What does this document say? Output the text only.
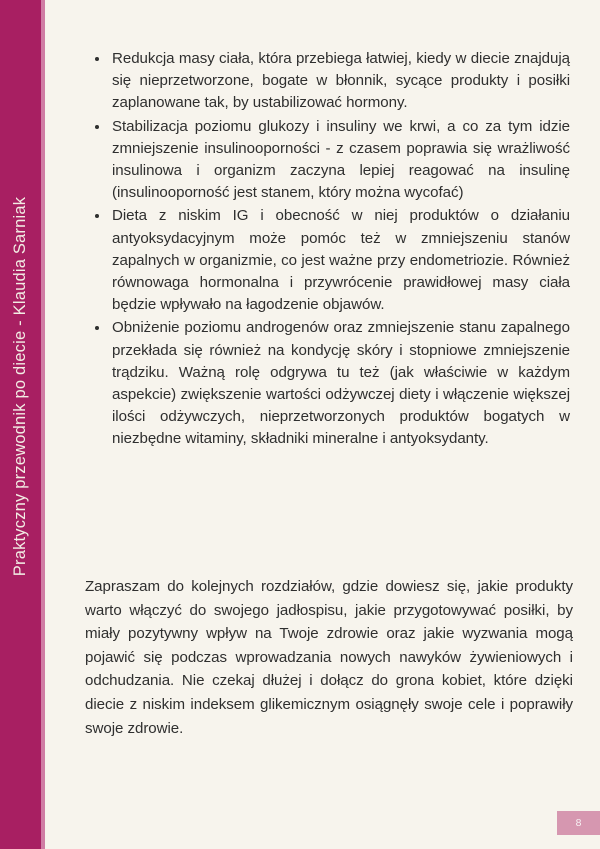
Praktyczny przewodnik po diecie - Klaudia Sarniak
Redukcja masy ciała, która przebiega łatwiej, kiedy w diecie znajdują się nieprzetworzone, bogate w błonnik, sycące produkty i posiłki zaplanowane tak, by ustabilizować hormony.
Stabilizacja poziomu glukozy i insuliny we krwi, a co za tym idzie zmniejszenie insulinooporności - z czasem poprawia się wrażliwość insulinowa i organizm zaczyna lepiej reagować na insulinę (insulinooporność jest stanem, który można wycofać)
Dieta z niskim IG i obecność w niej produktów o działaniu antyoksydacyjnym może pomóc też w zmniejszeniu stanów zapalnych w organizmie, co jest ważne przy endometriozie. Również równowaga hormonalna i przywrócenie prawidłowej masy ciała będzie wpływało na łagodzenie objawów.
Obniżenie poziomu androgenów oraz zmniejszenie stanu zapalnego przekłada się również na kondycję skóry i stopniowe zmniejszenie trądziku. Ważną rolę odgrywa tu też (jak właściwie w każdym aspekcie) zwiększenie wartości odżywczej diety i włączenie większej ilości odżywczych, nieprzetworzonych produktów bogatych w niezbędne witaminy, składniki mineralne i antyoksydanty.

Zapraszam do kolejnych rozdziałów, gdzie dowiesz się, jakie produkty warto włączyć do swojego jadłospisu, jakie przygotowywać posiłki, by miały pozytywny wpływ na Twoje zdrowie oraz jakie wyzwania mogą pojawić się podczas wprowadzania nowych nawyków żywieniowych i odchudzania. Nie czekaj dłużej i dołącz do grona kobiet, które dzięki diecie z niskim indeksem glikemicznym osiągnęły swoje cele i poprawiły swoje zdrowie.

8
